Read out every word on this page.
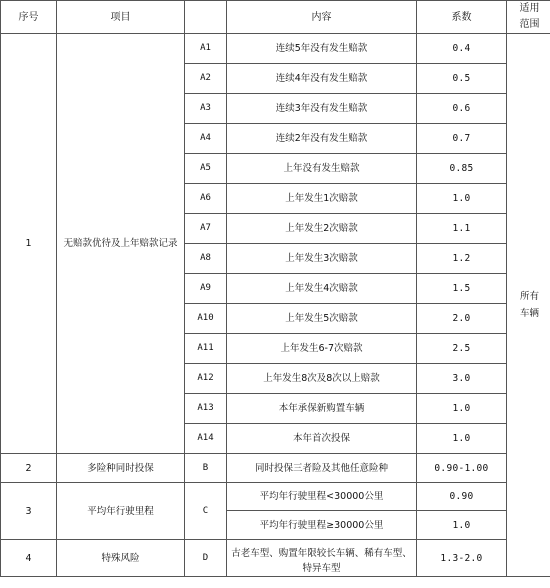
序号	项目		内容	系数	适用
范围
1	无赔款优待及上年赔款记录	A1	连续5年没有发生赔款	0.4	所有
车辆
		A2	连续4年没有发生赔款	0.5	
		A3	连续3年没有发生赔款	0.6	
		A4	连续2年没有发生赔款	0.7	
		A5	上年没有发生赔款	0.85	
		A6	上年发生1次赔款	1.0	
		A7	上年发生2次赔款	1.1	
		A8	上年发生3次赔款	1.2	
		A9	上年发生4次赔款	1.5	
		A10	上年发生5次赔款	2.0	
		A11	上年发生6-7次赔款	2.5	
		A12	上年发生8次及8次以上赔款	3.0	
		A13	本年承保新购置车辆	1.0	
		A14	本年首次投保	1.0	
2	多险种同时投保	B	同时投保三者险及其他任意险种	0.90-1.00	
3	平均年行驶里程	C	平均年行驶里程<30000公里	0.90	
			平均年行驶里程≥30000公里	1.0	
4	特殊风险	D	古老车型、购置年限较长车辆、稀有车型、特异车型	1.3-2.0	
